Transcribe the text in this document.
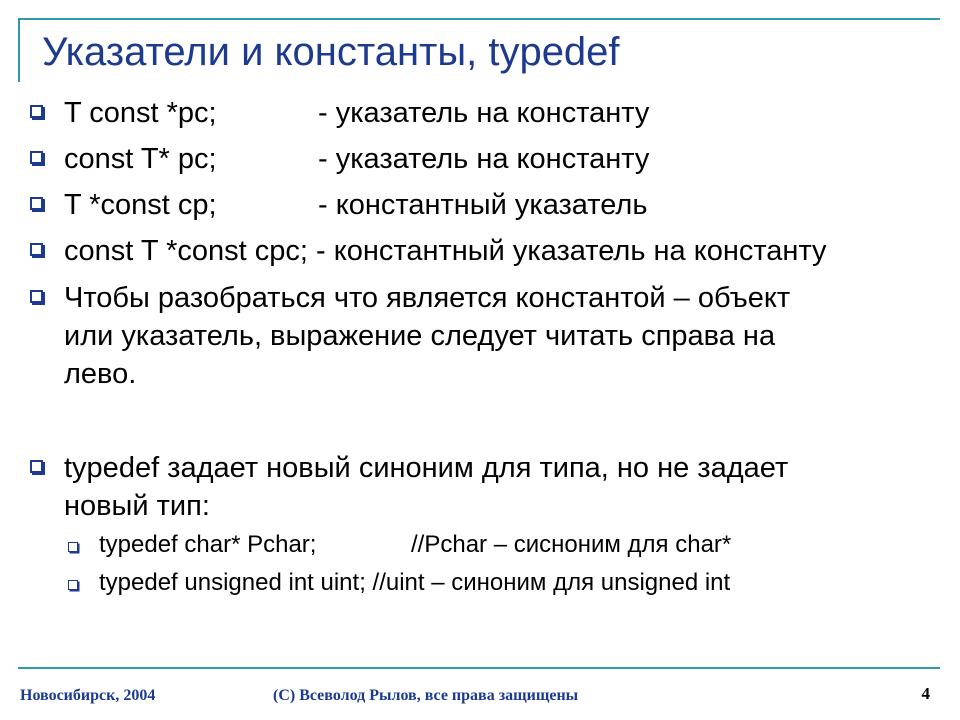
Указатели и константы, typedef
T const *pc;	- указатель на константу
const T* pc;	- указатель на константу
T *const cp;	- константный указатель
const T *const cpc; - константный указатель на константу
Чтобы разобраться что является константой – объект
или указатель, выражение следует читать справа на
лево.
typedef задает новый синоним для типа, но не задает
новый тип:
typedef char* Pchar;	//Pchar – сисноним для char*
typedef unsigned int uint; //uint – синоним для unsigned int
Новосибирск, 2004	(С) Всеволод Рылов, все права защищены	4
